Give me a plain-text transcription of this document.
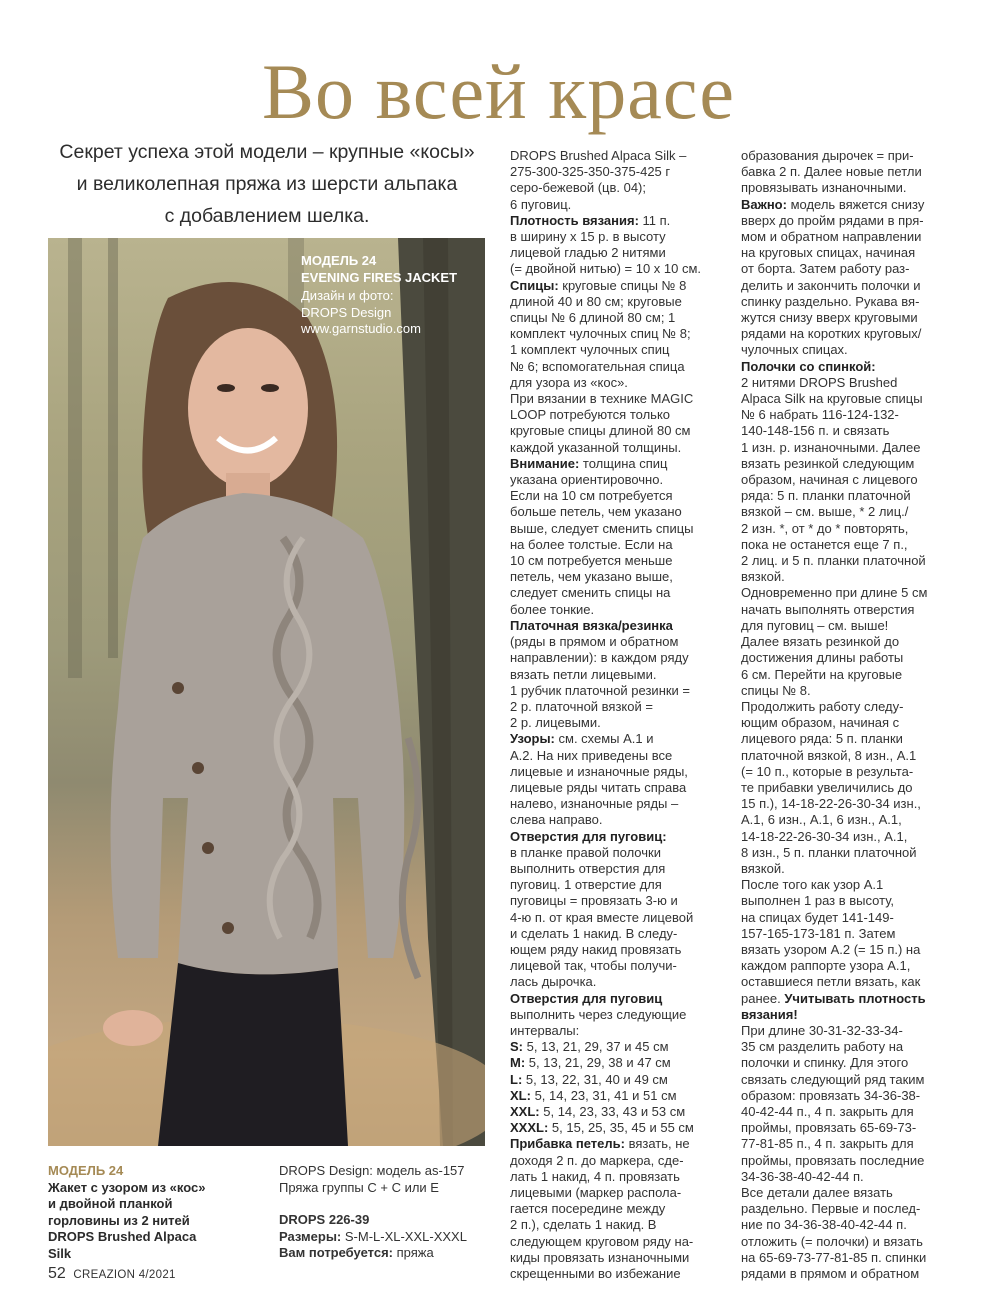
Во всей красе
Секрет успеха этой модели – крупные «косы»
и великолепная пряжа из шерсти альпака
с добавлением шелка.
МОДЕЛЬ 24
EVENING FIRES JACKET
Дизайн и фото:
DROPS Design
www.garnstudio.com
DROPS Brushed Alpaca Silk –
275-300-325-350-375-425 г
серо-бежевой (цв. 04);
6 пуговиц.
Плотность вязания: 11 п.
в ширину х 15 р. в высоту
лицевой гладью 2 нитями
(= двойной нитью) = 10 х 10 см.
Спицы: круговые спицы № 8
длиной 40 и 80 см; круговые
спицы № 6 длиной 80 см; 1
комплект чулочных спиц № 8;
1 комплект чулочных спиц
№ 6; вспомогательная спица
для узора из «кос».
При вязании в технике MAGIC
LOOP потребуются только
круговые спицы длиной 80 см
каждой указанной толщины.
Внимание: толщина спиц
указана ориентировочно.
Если на 10 см потребуется
больше петель, чем указано
выше, следует сменить спицы
на более толстые. Если на
10 см потребуется меньше
петель, чем указано выше,
следует сменить спицы на
более тонкие.
Платочная вязка/резинка
(ряды в прямом и обратном
направлении): в каждом ряду
вязать петли лицевыми.
1 рубчик платочной резинки =
2 р. платочной вязкой =
2 р. лицевыми.
Узоры: см. схемы А.1 и
А.2. На них приведены все
лицевые и изнаночные ряды,
лицевые ряды читать справа
налево, изнаночные ряды –
слева направо.
Отверстия для пуговиц:
в планке правой полочки
выполнить отверстия для
пуговиц. 1 отверстие для
пуговицы = провязать 3-ю и
4-ю п. от края вместе лицевой
и сделать 1 накид. В следу-
ющем ряду накид провязать
лицевой так, чтобы получи-
лась дырочка.
Отверстия для пуговиц
выполнить через следующие
интервалы:
S: 5, 13, 21, 29, 37 и 45 см
M: 5, 13, 21, 29, 38 и 47 см
L: 5, 13, 22, 31, 40 и 49 см
XL: 5, 14, 23, 31, 41 и 51 см
XXL: 5, 14, 23, 33, 43 и 53 см
XXXL: 5, 15, 25, 35, 45 и 55 см
Прибавка петель: вязать, не
доходя 2 п. до маркера, сде-
лать 1 накид, 4 п. провязать
лицевыми (маркер распола-
гается посередине между
2 п.), сделать 1 накид. В
следующем круговом ряду на-
киды провязать изнаночными
скрещенными во избежание
образования дырочек = при-
бавка 2 п. Далее новые петли
провязывать изнаночными.
Важно: модель вяжется снизу
вверх до пройм рядами в пря-
мом и обратном направлении
на круговых спицах, начиная
от борта. Затем работу раз-
делить и закончить полочки и
спинку раздельно. Рукава вя-
жутся снизу вверх круговыми
рядами на коротких круговых/
чулочных спицах.
Полочки со спинкой:
2 нитями DROPS Brushed
Alpaca Silk на круговые спицы
№ 6 набрать 116-124-132-
140-148-156 п. и связать
1 изн. р. изнаночными. Далее
вязать резинкой следующим
образом, начиная с лицевого
ряда: 5 п. планки платочной
вязкой – см. выше, * 2 лиц./
2 изн. *, от * до * повторять,
пока не останется еще 7 п.,
2 лиц. и 5 п. планки платочной
вязкой.
Одновременно при длине 5 см
начать выполнять отверстия
для пуговиц – см. выше!
Далее вязать резинкой до
достижения длины работы
6 см. Перейти на круговые
спицы № 8.
Продолжить работу следу-
ющим образом, начиная с
лицевого ряда: 5 п. планки
платочной вязкой, 8 изн., А.1
(= 10 п., которые в результа-
те прибавки увеличились до
15 п.), 14-18-22-26-30-34 изн.,
А.1, 6 изн., А.1, 6 изн., А.1,
14-18-22-26-30-34 изн., А.1,
8 изн., 5 п. планки платочной
вязкой.
После того как узор А.1
выполнен 1 раз в высоту,
на спицах будет 141-149-
157-165-173-181 п. Затем
вязать узором А.2 (= 15 п.) на
каждом раппорте узора А.1,
оставшиеся петли вязать, как
ранее. Учитывать плотность
вязания!
При длине 30-31-32-33-34-
35 см разделить работу на
полочки и спинку. Для этого
связать следующий ряд таким
образом: провязать 34-36-38-
40-42-44 п., 4 п. закрыть для
проймы, провязать 65-69-73-
77-81-85 п., 4 п. закрыть для
проймы, провязать последние
34-36-38-40-42-44 п.
Все детали далее вязать
раздельно. Первые и послед-
ние по 34-36-38-40-42-44 п.
отложить (= полочки) и вязать
на 65-69-73-77-81-85 п. спинки
рядами в прямом и обратном
МОДЕЛЬ 24
Жакет с узором из «кос»
и двойной планкой
горловины из 2 нитей
DROPS Brushed Alpaca
Silk
DROPS Design: модель as-157
Пряжа группы С + С или Е
DROPS 226-39
Размеры: S-M-L-XL-XXL-XXXL
Вам потребуется: пряжа
52 CREAZION 4/2021
